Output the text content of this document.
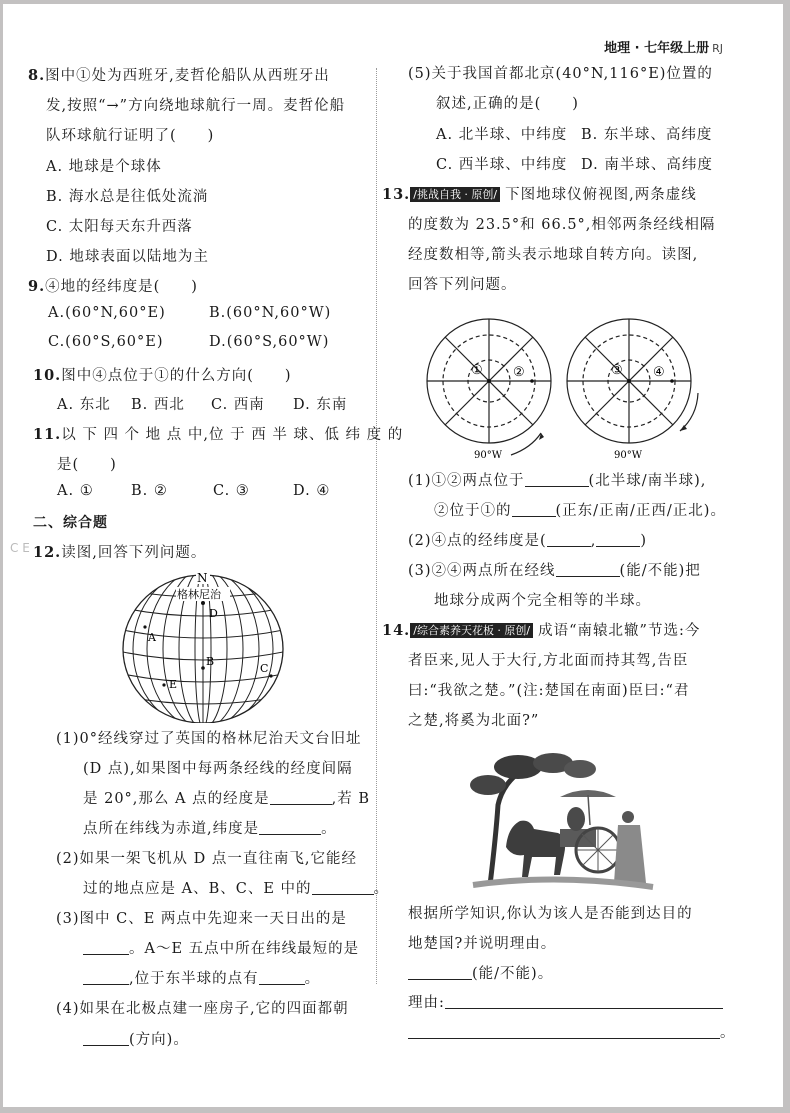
地理 · 七年级上册 RJ
C E
8.图中①处为西班牙,麦哲伦船队从西班牙出
发,按照“→”方向绕地球航行一周。麦哲伦船
队环球航行证明了(　　)
A. 地球是个球体
B. 海水总是往低处流淌
C. 太阳每天东升西落
D. 地球表面以陆地为主
9.④地的经纬度是(　　)
A.(60°N,60°E)	B.(60°N,60°W)
C.(60°S,60°E)	D.(60°S,60°W)
10.图中④点位于①的什么方向(　　)
A. 东北 B. 西北 C. 西南 D. 东南
11.以 下 四 个 地 点 中,位 于 西 半 球、低 纬 度 的
是(　　)
A. ①	B. ②	C. ③	D. ④
二、综合题
12.读图,回答下列问题。
N
格林尼治
D
A
B
C
E
(1)0°经线穿过了英国的格林尼治天文台旧址
(D 点),如果图中每两条经线的经度间隔
是 20°,那么 A 点的经度是	,若 B
点所在纬线为赤道,纬度是	。
(2)如果一架飞机从 D 点一直往南飞,它能经
过的地点应是 A、B、C、E 中的	。
(3)图中 C、E 两点中先迎来一天日出的是
。A～E 五点中所在纬线最短的是
,位于东半球的点有	。
(4)如果在北极点建一座房子,它的四面都朝
(方向)。
(5)关于我国首都北京(40°N,116°E)位置的
叙述,正确的是(　　)
A. 北半球、中纬度 B. 东半球、高纬度
C. 西半球、中纬度 D. 南半球、高纬度
13. /挑战自我 · 原创/ 下图地球仪俯视图,两条虚线
的度数为 23.5°和 66.5°,相邻两条经线相隔
经度数相等,箭头表示地球自转方向。读图,
回答下列问题。
① ②
90°W
③ ④
90°W
(1)①②两点位于	(北半球/南半球),
②位于①的	(正东/正南/正西/正北)。
(2)④点的经纬度是(	,	)
(3)②④两点所在经线	(能/不能)把
地球分成两个完全相等的半球。
14. /综合素养天花板 · 原创/ 成语“南辕北辙”节选:今
者臣来,见人于大行,方北面而持其驾,告臣
曰:“我欲之楚。”(注:楚国在南面)臣曰:“君
之楚,将奚为北面?”
根据所学知识,你认为该人是否能到达目的
地楚国?并说明理由。
(能/不能)。
理由:
。
